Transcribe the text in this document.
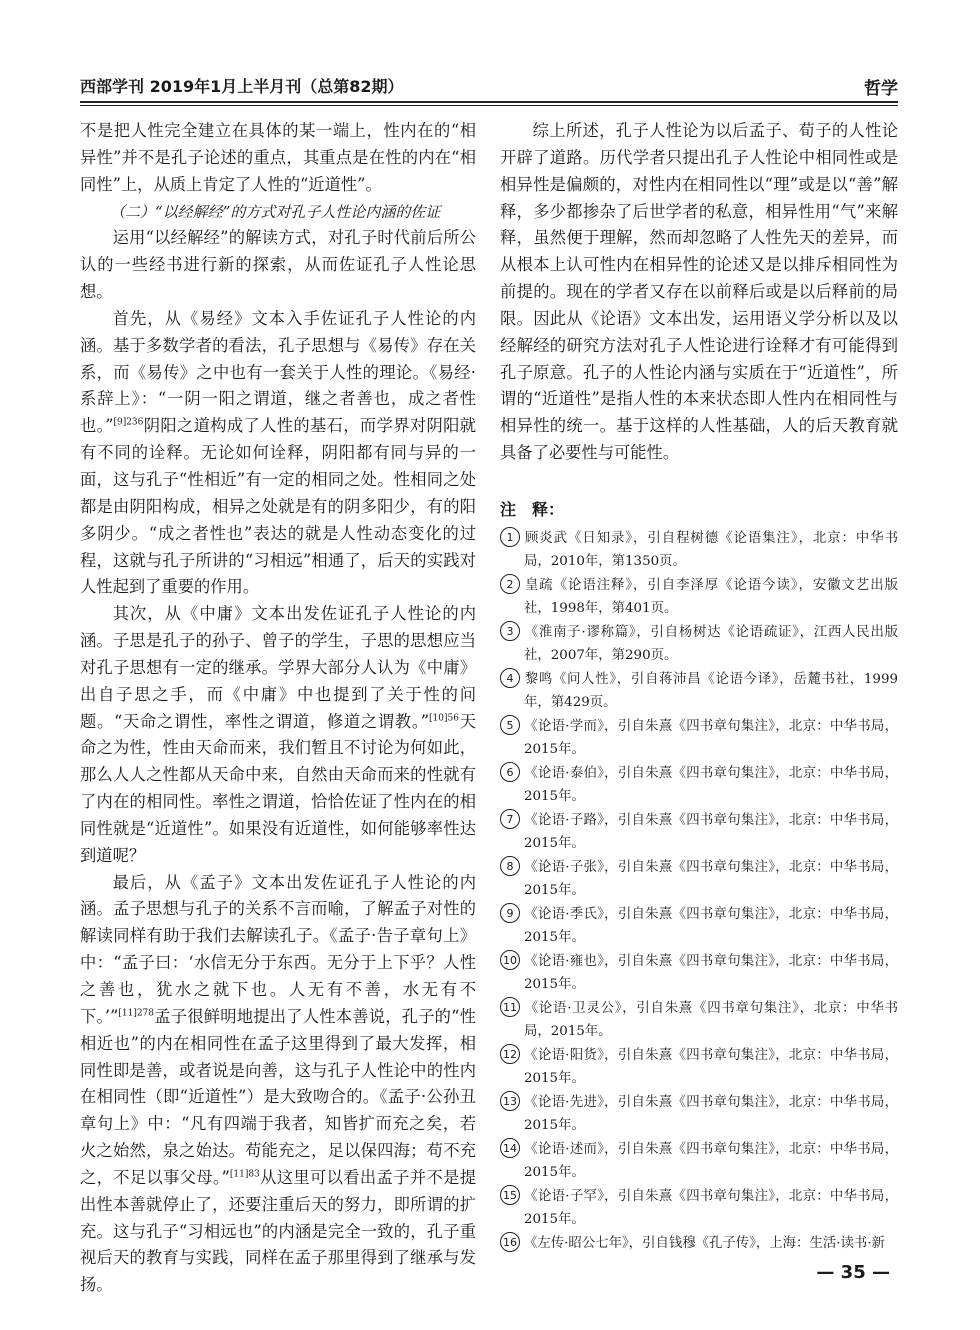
西部学刊 2019年1月上半月刊（总第82期）	哲学

不是把人性完全建立在具体的某一端上，性内在的“相异性”并不是孔子论述的重点，其重点是在性的内在“相同性”上，从质上肯定了人性的“近道性”。

（二）“以经解经”的方式对孔子人性论内涵的佐证

运用“以经解经”的解读方式，对孔子时代前后所公认的一些经书进行新的探索，从而佐证孔子人性论思想。

首先，从《易经》文本入手佐证孔子人性论的内涵。基于多数学者的看法，孔子思想与《易传》存在关系，而《易传》之中也有一套关于人性的理论。《易经·系辞上》：“一阴一阳之谓道，继之者善也，成之者性也。”$^{[9]236}$阴阳之道构成了人性的基石，而学界对阴阳就有不同的诠释。无论如何诠释，阴阳都有同与异的一面，这与孔子“性相近”有一定的相同之处。性相同之处都是由阴阳构成，相异之处就是有的阴多阳少，有的阳多阴少。“成之者性也”表达的就是人性动态变化的过程，这就与孔子所讲的“习相远”相通了，后天的实践对人性起到了重要的作用。

其次，从《中庸》文本出发佐证孔子人性论的内涵。子思是孔子的孙子、曾子的学生，子思的思想应当对孔子思想有一定的继承。学界大部分人认为《中庸》出自子思之手，而《中庸》中也提到了关于性的问题。“天命之谓性，率性之谓道，修道之谓教。”$^{[10]56}$天命之为性，性由天命而来，我们暂且不讨论为何如此，那么人人之性都从天命中来，自然由天命而来的性就有了内在的相同性。率性之谓道，恰恰佐证了性内在的相同性就是“近道性”。如果没有近道性，如何能够率性达到道呢？

最后，从《孟子》文本出发佐证孔子人性论的内涵。孟子思想与孔子的关系不言而喻，了解孟子对性的解读同样有助于我们去解读孔子。《孟子·告子章句上》中：“孟子曰：‘水信无分于东西。无分于上下乎？人性之善也，犹水之就下也。人无有不善，水无有不下。’”$^{[11]278}$孟子很鲜明地提出了人性本善说，孔子的“性相近也”的内在相同性在孟子这里得到了最大发挥，相同性即是善，或者说是向善，这与孔子人性论中的性内在相同性（即“近道性”）是大致吻合的。《孟子·公孙丑章句上》中：“凡有四端于我者，知皆扩而充之矣，若火之始然，泉之始达。苟能充之，足以保四海；苟不充之，不足以事父母。”$^{[11]83}$从这里可以看出孟子并不是提出性本善就停止了，还要注重后天的努力，即所谓的扩充。这与孔子“习相远也”的内涵是完全一致的，孔子重视后天的教育与实践，同样在孟子那里得到了继承与发扬。

综上所述，孔子人性论为以后孟子、荀子的人性论开辟了道路。历代学者只提出孔子人性论中相同性或是相异性是偏颇的，对性内在相同性以“理”或是以“善”解释，多少都掺杂了后世学者的私意，相异性用“气”来解释，虽然便于理解，然而却忽略了人性先天的差异，而从根本上认可性内在相异性的论述又是以排斥相同性为前提的。现在的学者又存在以前释后或是以后释前的局限。因此从《论语》文本出发，运用语义学分析以及以经解经的研究方法对孔子人性论进行诠释才有可能得到孔子原意。孔子的人性论内涵与实质在于“近道性”，所谓的“近道性”是指人性的本来状态即人性内在相同性与相异性的统一。基于这样的人性基础，人的后天教育就具备了必要性与可能性。

注　释：
1 顾炎武《日知录》，引自程树德《论语集注》，北京：中华书局，2010年，第1350页。
2 皇疏《论语注释》，引自李泽厚《论语今读》，安徽文艺出版社，1998年，第401页。
3 《淮南子·谬称篇》，引自杨树达《论语疏证》，江西人民出版社，2007年，第290页。
4 黎鸣《问人性》，引自蒋沛昌《论语今译》，岳麓书社，1999年，第429页。
5 《论语·学而》，引自朱熹《四书章句集注》，北京：中华书局，2015年。
6 《论语·泰伯》，引自朱熹《四书章句集注》，北京：中华书局，2015年。
7 《论语·子路》，引自朱熹《四书章句集注》，北京：中华书局，2015年。
8 《论语·子张》，引自朱熹《四书章句集注》，北京：中华书局，2015年。
9 《论语·季氏》，引自朱熹《四书章句集注》，北京：中华书局，2015年。
10 《论语·雍也》，引自朱熹《四书章句集注》，北京：中华书局，2015年。
11 《论语·卫灵公》，引自朱熹《四书章句集注》，北京：中华书局，2015年。
12 《论语·阳货》，引自朱熹《四书章句集注》，北京：中华书局，2015年。
13 《论语·先进》，引自朱熹《四书章句集注》，北京：中华书局，2015年。
14 《论语·述而》，引自朱熹《四书章句集注》，北京：中华书局，2015年。
15 《论语·子罕》，引自朱熹《四书章句集注》，北京：中华书局，2015年。
16 《左传·昭公七年》，引自钱穆《孔子传》，上海：生活·读书·新
— 35 —
